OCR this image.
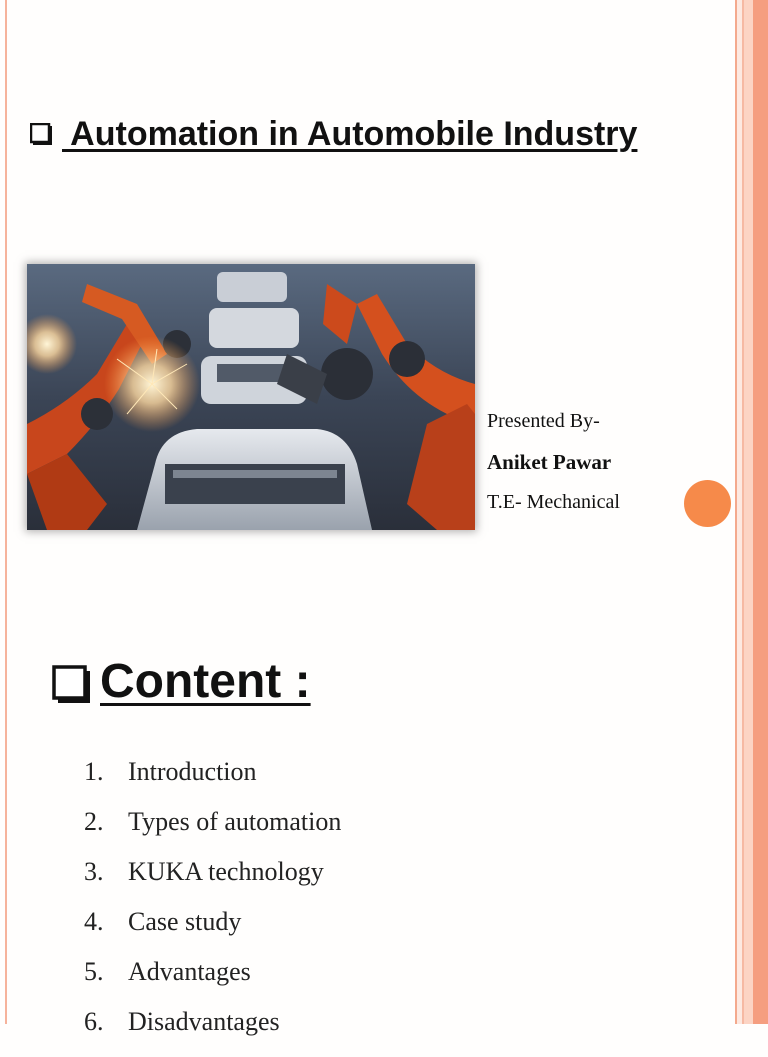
Automation in Automobile Industry
Presented By-
Aniket Pawar
T.E- Mechanical
Content :
1. Introduction
2. Types of automation
3. KUKA technology
4. Case study
5. Advantages
6. Disadvantages
